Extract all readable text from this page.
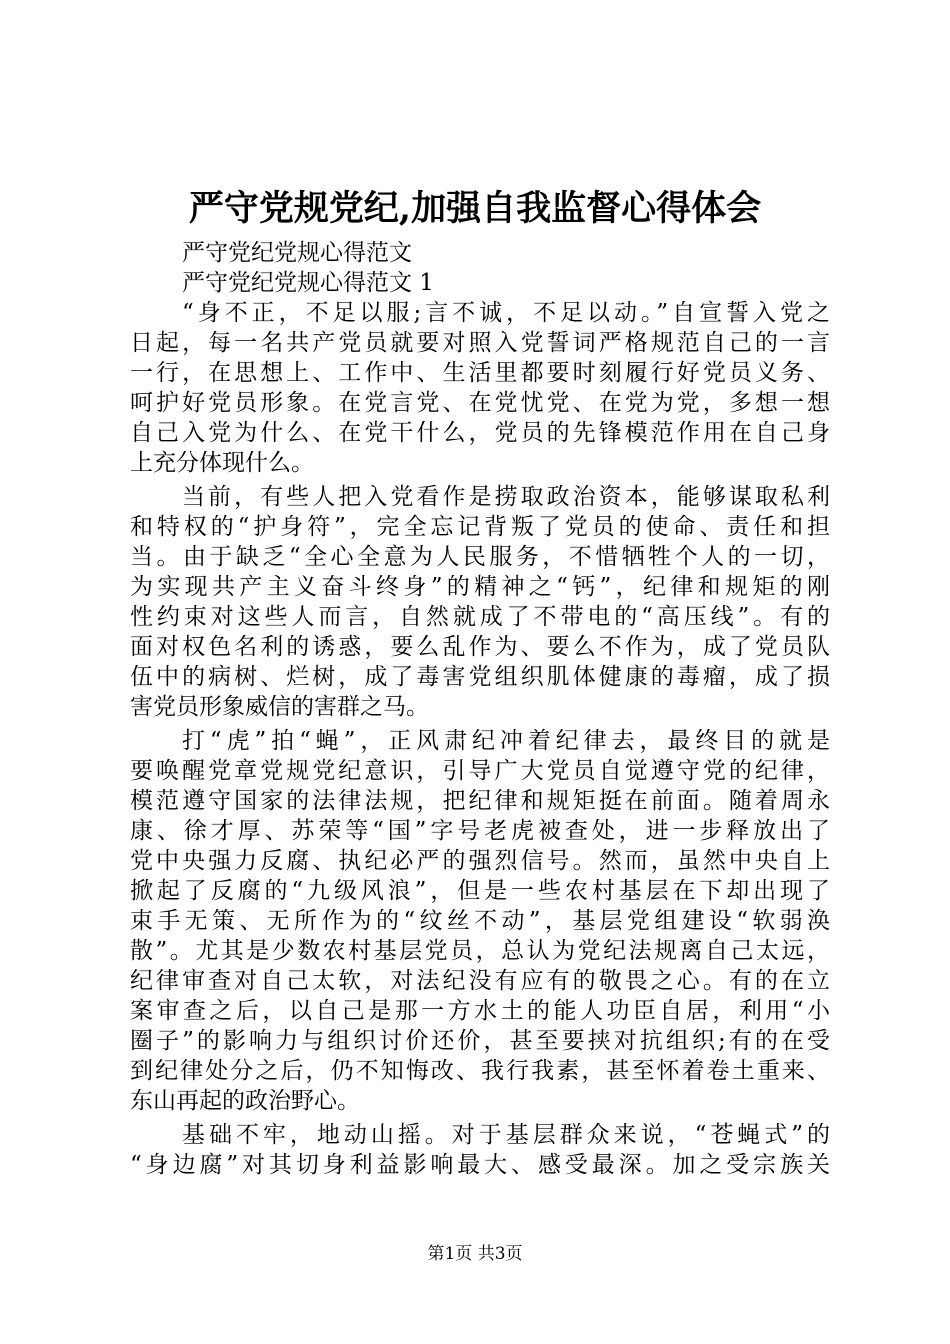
严守党规党纪,加强自我监督心得体会
严守党纪党规心得范文
严守党纪党规心得范文 1
“身不正，不足以服;言不诚，不足以动。”自宣誓入党之
日起，每一名共产党员就要对照入党誓词严格规范自己的一言
一行，在思想上、工作中、生活里都要时刻履行好党员义务、
呵护好党员形象。在党言党、在党忧党、在党为党，多想一想
自己入党为什么、在党干什么，党员的先锋模范作用在自己身
上充分体现什么。
当前，有些人把入党看作是捞取政治资本，能够谋取私利
和特权的“护身符”，完全忘记背叛了党员的使命、责任和担
当。由于缺乏“全心全意为人民服务，不惜牺牲个人的一切，
为实现共产主义奋斗终身”的精神之“钙”，纪律和规矩的刚
性约束对这些人而言，自然就成了不带电的“高压线”。有的
面对权色名利的诱惑，要么乱作为、要么不作为，成了党员队
伍中的病树、烂树，成了毒害党组织肌体健康的毒瘤，成了损
害党员形象威信的害群之马。
打“虎”拍“蝇”，正风肃纪冲着纪律去，最终目的就是
要唤醒党章党规党纪意识，引导广大党员自觉遵守党的纪律，
模范遵守国家的法律法规，把纪律和规矩挺在前面。随着周永
康、徐才厚、苏荣等“国”字号老虎被查处，进一步释放出了
党中央强力反腐、执纪必严的强烈信号。然而，虽然中央自上
掀起了反腐的“九级风浪”，但是一些农村基层在下却出现了
束手无策、无所作为的“纹丝不动”，基层党组建设“软弱涣
散”。尤其是少数农村基层党员，总认为党纪法规离自己太远，
纪律审查对自己太软，对法纪没有应有的敬畏之心。有的在立
案审查之后，以自己是那一方水土的能人功臣自居，利用“小
圈子”的影响力与组织讨价还价，甚至要挟对抗组织;有的在受
到纪律处分之后，仍不知悔改、我行我素，甚至怀着卷土重来、
东山再起的政治野心。
基础不牢，地动山摇。对于基层群众来说，“苍蝇式”的
“身边腐”对其切身利益影响最大、感受最深。加之受宗族关
第1页 共3页
